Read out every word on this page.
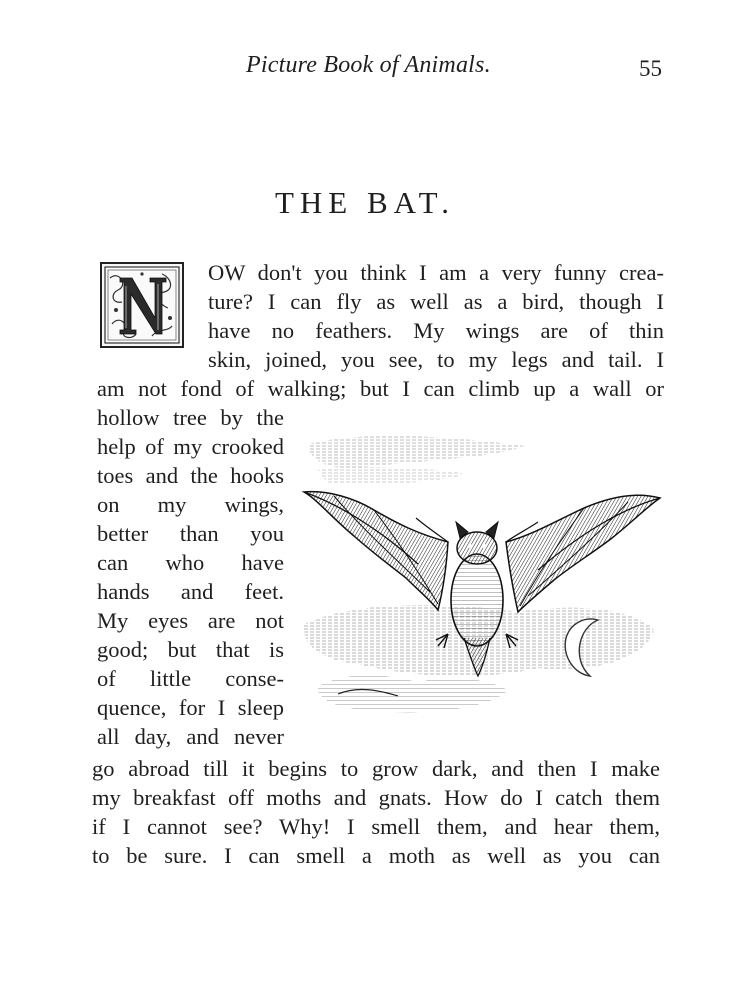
Picture Book of Animals.	55
THE BAT.
OW don't you think I am a very funny crea-
ture? I can fly as well as a bird, though I
have no feathers. My wings are of thin
skin, joined, you see, to my legs and tail. I
am not fond of walking; but I can climb up a wall or
hollow tree by the
help of my crooked
toes and the hooks
on my wings,
better than you
can who have
hands and feet.
My eyes are not
good; but that is
of little conse-
quence, for I sleep
all day, and never
go abroad till it begins to grow dark, and then I make
my breakfast off moths and gnats. How do I catch them
if I cannot see? Why! I smell them, and hear them,
to be sure. I can smell a moth as well as you can
